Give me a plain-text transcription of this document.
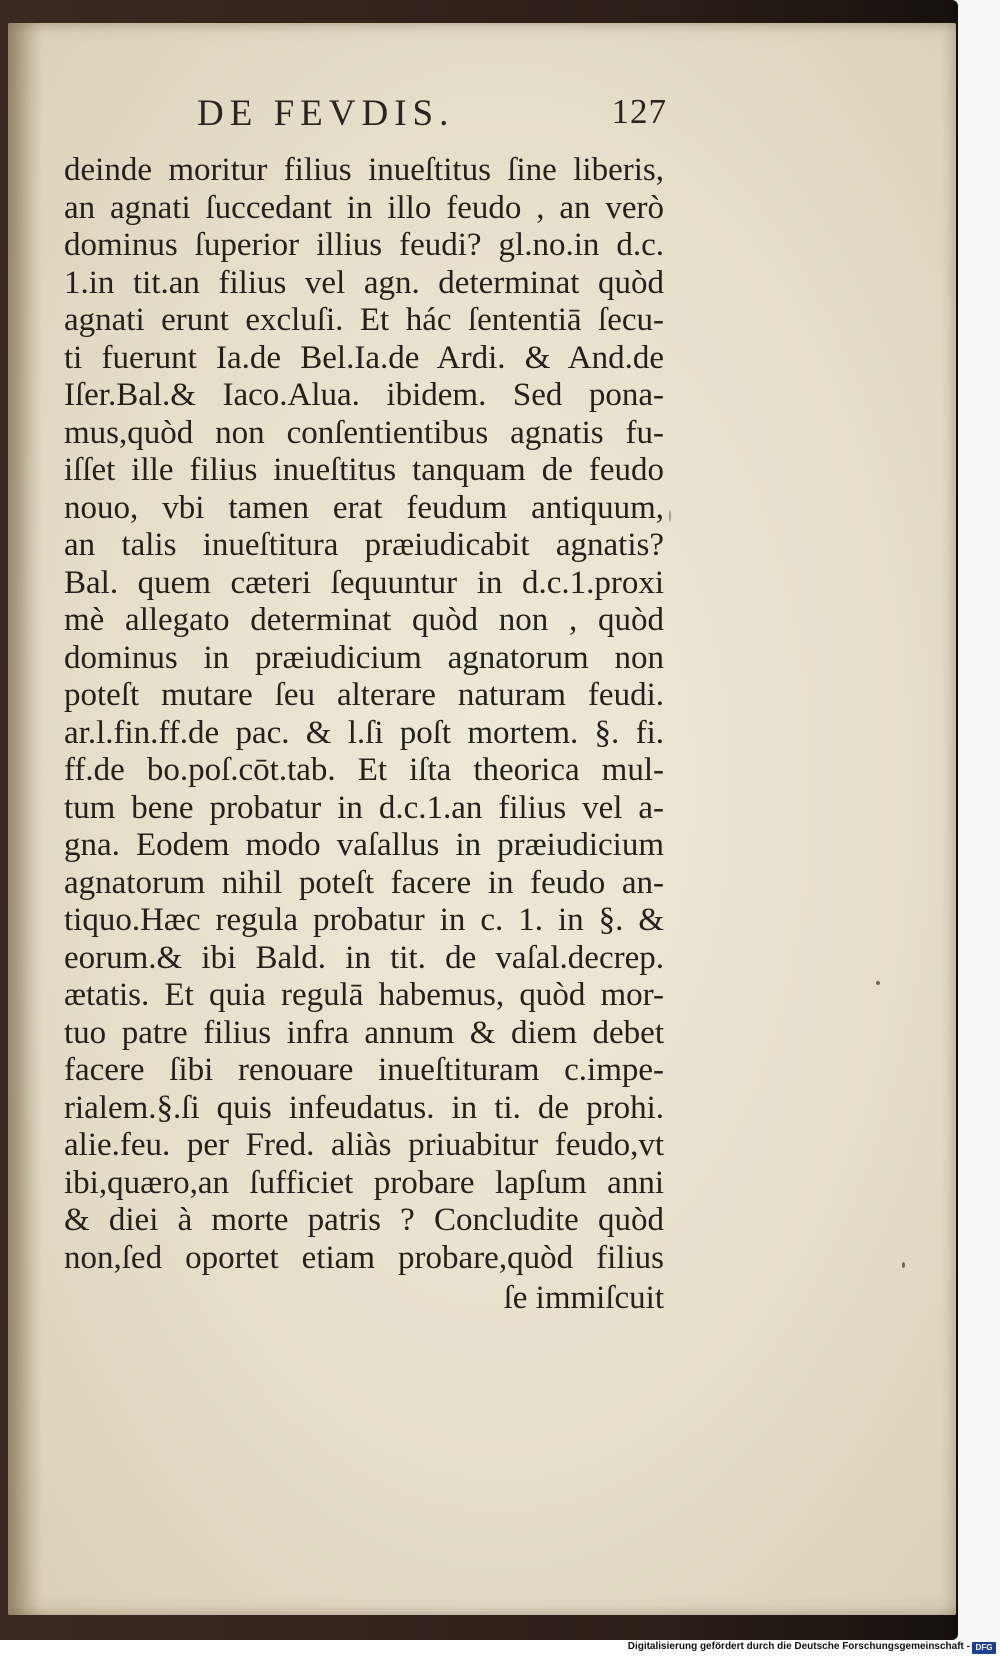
DE FEVDIS.	127
deinde moritur filius inueſtitus ſine liberis,
an agnati ſuccedant in illo feudo , an verò
dominus ſuperior illius feudi? gl.no.in d.c.
1.in tit.an filius vel agn. determinat quòd
agnati erunt excluſi. Et hác ſententiā ſecu-
ti fuerunt Ia.de Bel.Ia.de Ardi. & And.de
Iſer.Bal.& Iaco.Alua. ibidem. Sed pona-
mus,quòd non conſentientibus agnatis fu-
iſſet ille filius inueſtitus tanquam de feudo
nouo, vbi tamen erat feudum antiquum,
an talis inueſtitura præiudicabit agnatis?
Bal. quem cæteri ſequuntur in d.c.1.proxi
mè allegato determinat quòd non , quòd
dominus in præiudicium agnatorum non
poteſt mutare ſeu alterare naturam feudi.
ar.l.fin.ff.de pac. & l.ſi poſt mortem. §. fi.
ff.de bo.poſ.cōt.tab. Et iſta theorica mul-
tum bene probatur in d.c.1.an filius vel a-
gna. Eodem modo vaſallus in præiudicium
agnatorum nihil poteſt facere in feudo an-
tiquo.Hæc regula probatur in c. 1. in §. &
eorum.& ibi Bald. in tit. de vaſal.decrep.
ætatis. Et quia regulā habemus, quòd mor-
tuo patre filius infra annum & diem debet
facere ſibi renouare inueſtituram c.impe-
rialem.§.ſi quis infeudatus. in ti. de prohi.
alie.feu. per Fred. aliàs priuabitur feudo,vt
ibi,quæro,an ſufficiet probare lapſum anni
& diei à morte patris ? Concludite quòd
non,ſed oportet etiam probare,quòd filius
ſe immiſcuit
Digitalisierung gefördert durch die Deutsche Forschungsgemeinschaft - DFG
